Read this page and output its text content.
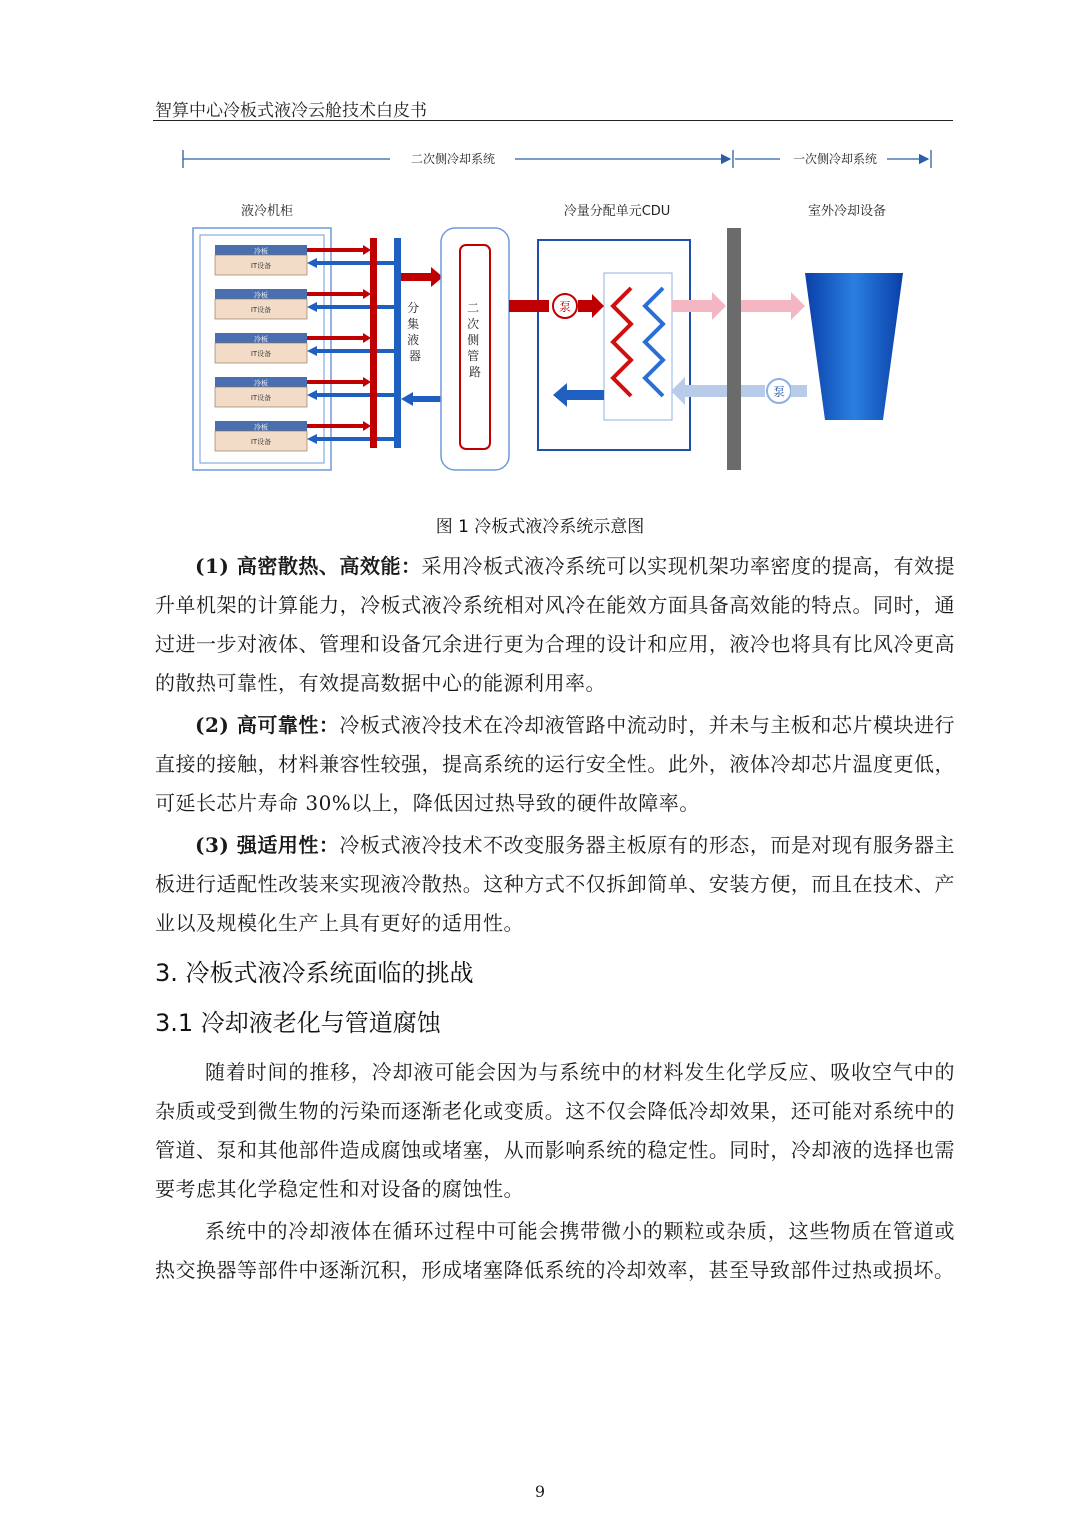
智算中心冷板式液冷云舱技术白皮书
二次侧冷却系统	一次侧冷却系统
液冷机柜	冷量分配单元CDU	室外冷却设备
冷板
IT设备
冷板
IT设备
冷板
IT设备
冷板
IT设备
冷板
IT设备
分 集 液 器
二 次 侧 管 路
泵
泵
图 1 冷板式液冷系统示意图
(1) 高密散热、高效能：采用冷板式液冷系统可以实现机架功率密度的提高，有效提升单机架的计算能力，冷板式液冷系统相对风冷在能效方面具备高效能的特点。同时，通过进一步对液体、管理和设备冗余进行更为合理的设计和应用，液冷也将具有比风冷更高的散热可靠性，有效提高数据中心的能源利用率。
(2) 高可靠性：冷板式液冷技术在冷却液管路中流动时，并未与主板和芯片模块进行直接的接触，材料兼容性较强，提高系统的运行安全性。此外，液体冷却芯片温度更低，可延长芯片寿命 30%以上，降低因过热导致的硬件故障率。
(3) 强适用性：冷板式液冷技术不改变服务器主板原有的形态，而是对现有服务器主板进行适配性改装来实现液冷散热。这种方式不仅拆卸简单、安装方便，而且在技术、产业以及规模化生产上具有更好的适用性。
3. 冷板式液冷系统面临的挑战
3.1 冷却液老化与管道腐蚀
随着时间的推移，冷却液可能会因为与系统中的材料发生化学反应、吸收空气中的杂质或受到微生物的污染而逐渐老化或变质。这不仅会降低冷却效果，还可能对系统中的管道、泵和其他部件造成腐蚀或堵塞，从而影响系统的稳定性。同时，冷却液的选择也需要考虑其化学稳定性和对设备的腐蚀性。
系统中的冷却液体在循环过程中可能会携带微小的颗粒或杂质，这些物质在管道或热交换器等部件中逐渐沉积，形成堵塞降低系统的冷却效率，甚至导致部件过热或损坏。
9
